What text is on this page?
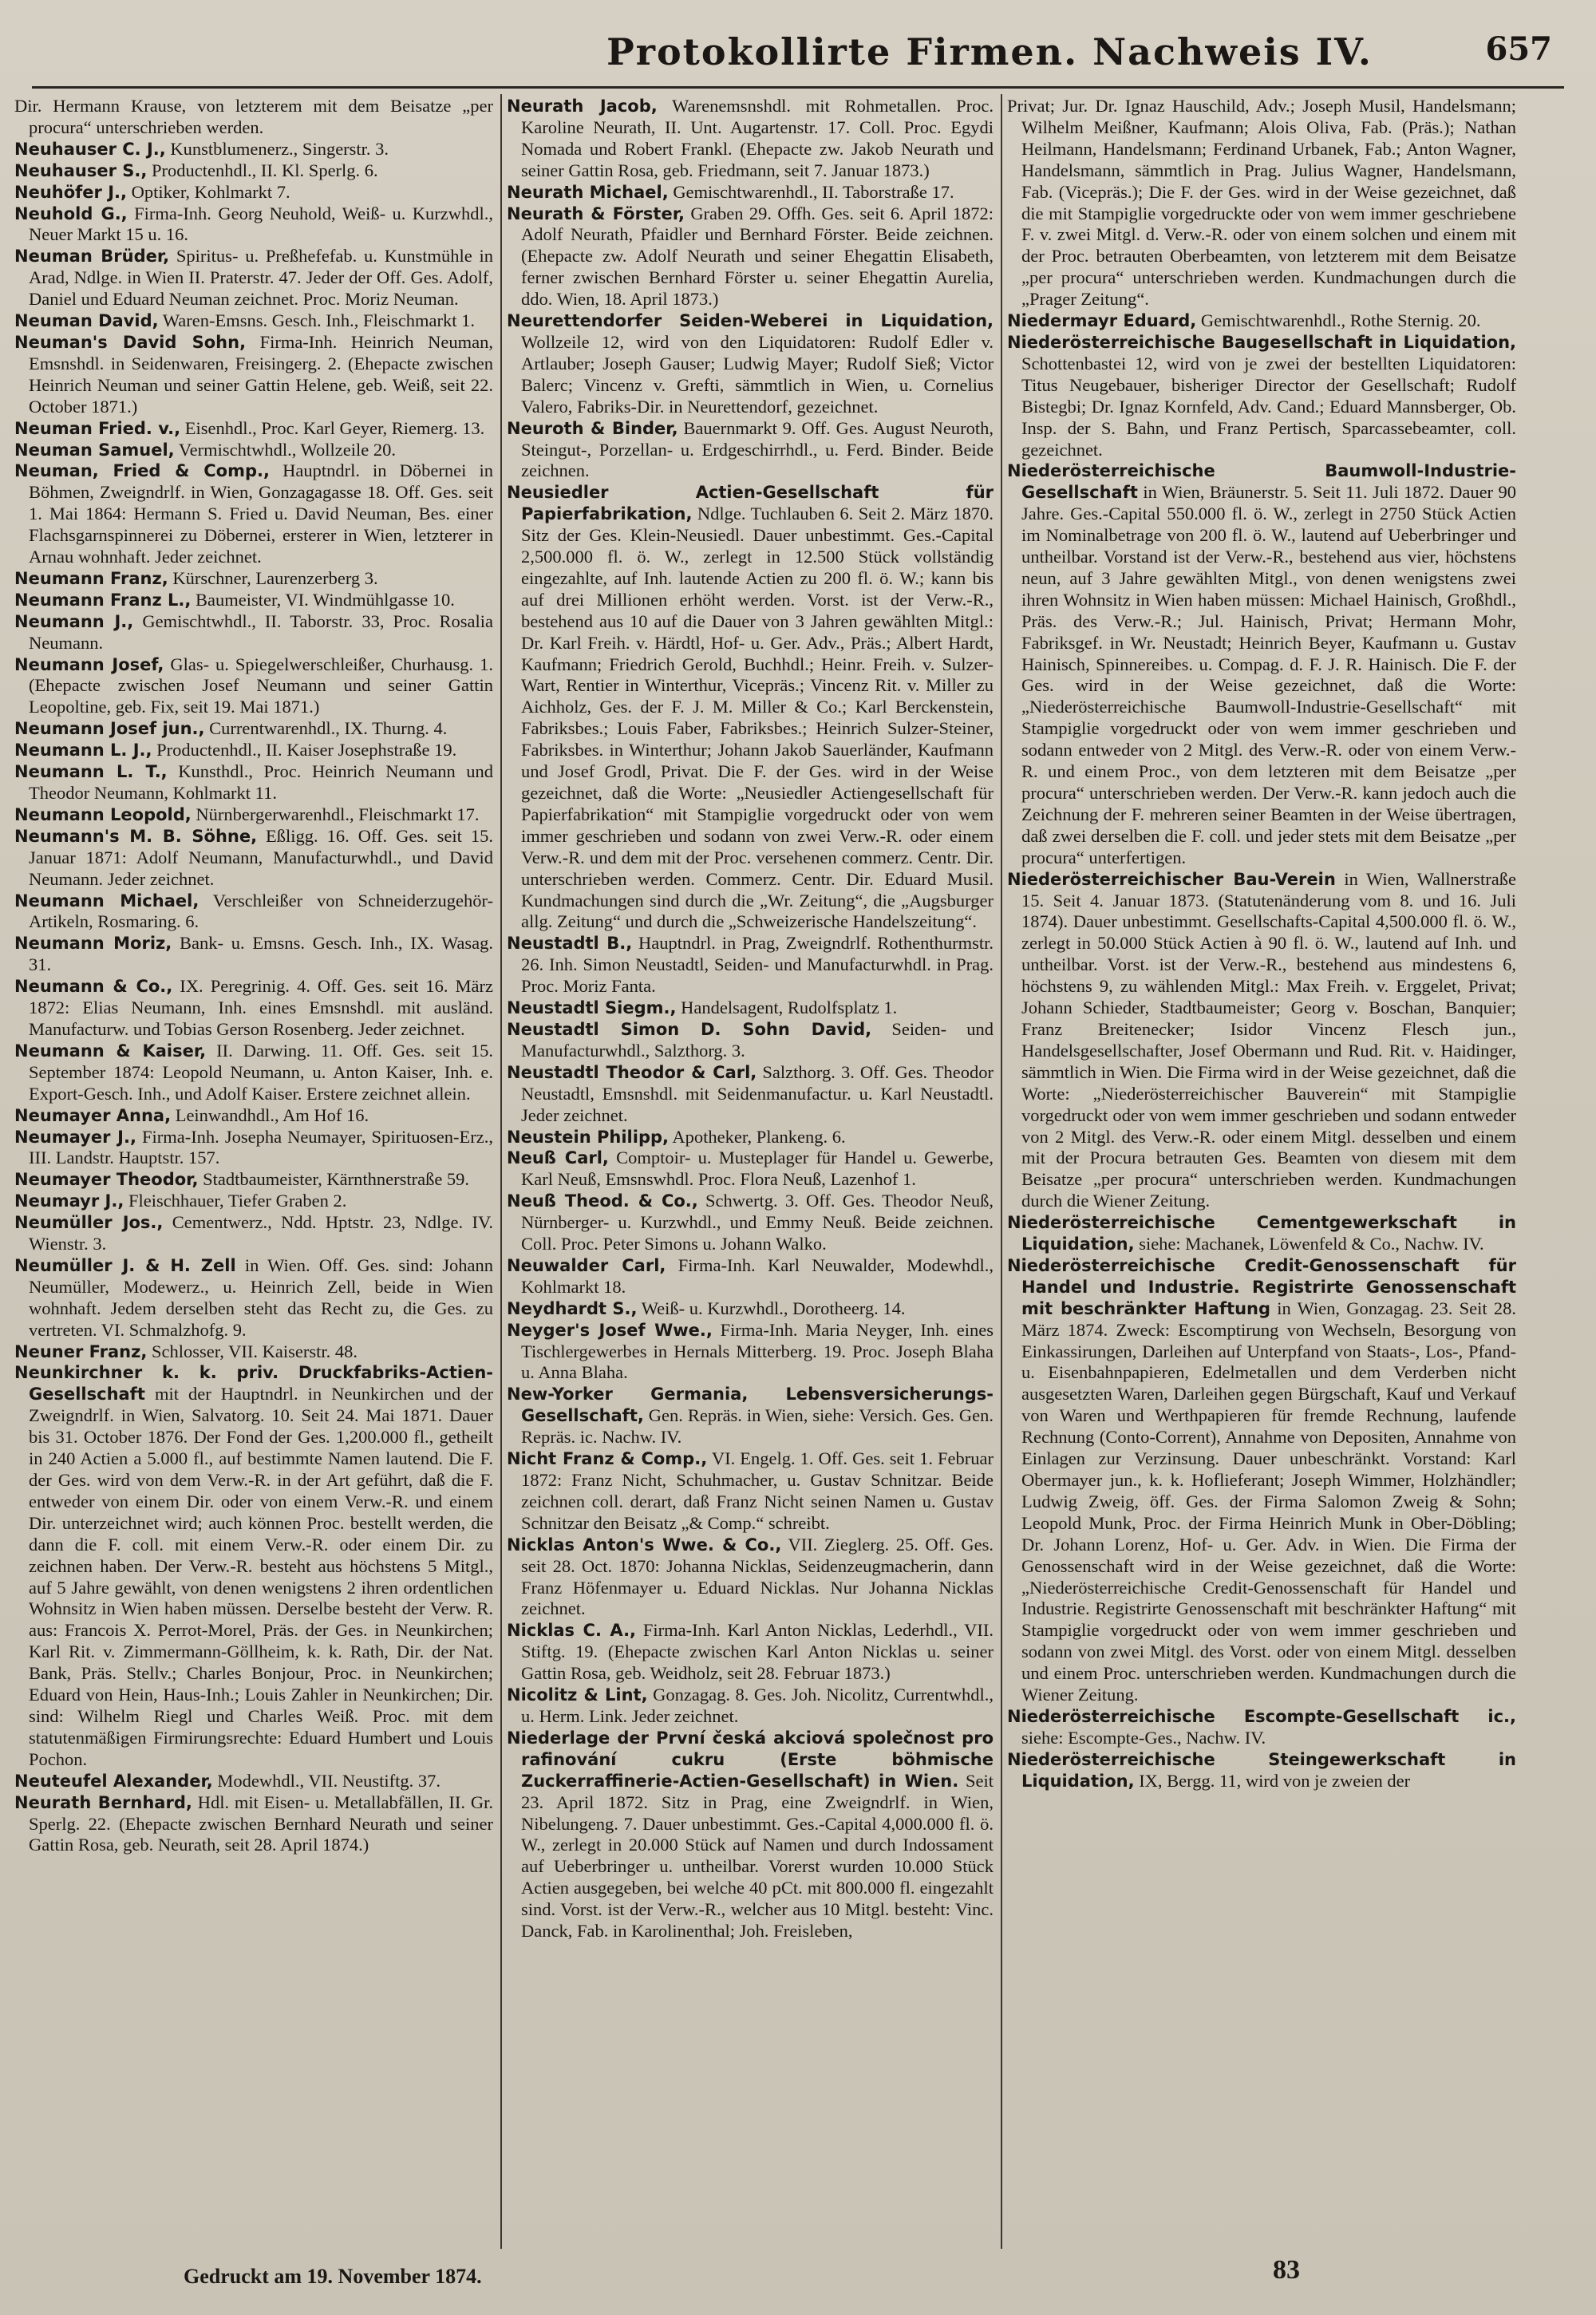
Protokollirte Firmen. Nachweis IV.	657

Dir. Hermann Krause, von letzterem mit dem Beisatze „per procura“ unterschrieben werden.

Neuhauser C. J., Kunstblumenerz., Singerstr. 3.

Neuhauser S., Productenhdl., II. Kl. Sperlg. 6.

Neuhöfer J., Optiker, Kohlmarkt 7.

Neuhold G., Firma-Inh. Georg Neuhold, Weiß- u. Kurzwhdl., Neuer Markt 15 u. 16.

Neuman Brüder, Spiritus- u. Preßhefefab. u. Kunstmühle in Arad, Ndlge. in Wien II. Praterstr. 47. Jeder der Off. Ges. Adolf, Daniel und Eduard Neuman zeichnet. Proc. Moriz Neuman.

Neuman David, Waren-Emsns. Gesch. Inh., Fleischmarkt 1.

Neuman's David Sohn, Firma-Inh. Heinrich Neuman, Emsnshdl. in Seidenwaren, Freisingerg. 2. (Ehepacte zwischen Heinrich Neuman und seiner Gattin Helene, geb. Weiß, seit 22. October 1871.)

Neuman Fried. v., Eisenhdl., Proc. Karl Geyer, Riemerg. 13.

Neuman Samuel, Vermischtwhdl., Wollzeile 20.

Neuman, Fried & Comp., Hauptndrl. in Döbernei in Böhmen, Zweigndrlf. in Wien, Gonzagagasse 18. Off. Ges. seit 1. Mai 1864: Hermann S. Fried u. David Neuman, Bes. einer Flachsgarnspinnerei zu Döbernei, ersterer in Wien, letzterer in Arnau wohnhaft. Jeder zeichnet.

Neumann Franz, Kürschner, Laurenzerberg 3.

Neumann Franz L., Baumeister, VI. Windmühlgasse 10.

Neumann J., Gemischtwhdl., II. Taborstr. 33, Proc. Rosalia Neumann.

Neumann Josef, Glas- u. Spiegelwerschleißer, Churhausg. 1. (Ehepacte zwischen Josef Neumann und seiner Gattin Leopoltine, geb. Fix, seit 19. Mai 1871.)

Neumann Josef jun., Currentwarenhdl., IX. Thurng. 4.

Neumann L. J., Productenhdl., II. Kaiser Josephstraße 19.

Neumann L. T., Kunsthdl., Proc. Heinrich Neumann und Theodor Neumann, Kohlmarkt 11.

Neumann Leopold, Nürnbergerwarenhdl., Fleischmarkt 17.

Neumann's M. B. Söhne, Eßligg. 16. Off. Ges. seit 15. Januar 1871: Adolf Neumann, Manufacturwhdl., und David Neumann. Jeder zeichnet.

Neumann Michael, Verschleißer von Schneiderzugehör-Artikeln, Rosmaring. 6.

Neumann Moriz, Bank- u. Emsns. Gesch. Inh., IX. Wasag. 31.

Neumann & Co., IX. Peregrinig. 4. Off. Ges. seit 16. März 1872: Elias Neumann, Inh. eines Emsnshdl. mit ausländ. Manufacturw. und Tobias Gerson Rosenberg. Jeder zeichnet.

Neumann & Kaiser, II. Darwing. 11. Off. Ges. seit 15. September 1874: Leopold Neumann, u. Anton Kaiser, Inh. e. Export-Gesch. Inh., und Adolf Kaiser. Erstere zeichnet allein.

Neumayer Anna, Leinwandhdl., Am Hof 16.

Neumayer J., Firma-Inh. Josepha Neumayer, Spirituosen-Erz., III. Landstr. Hauptstr. 157.

Neumayer Theodor, Stadtbaumeister, Kärnthnerstraße 59.

Neumayr J., Fleischhauer, Tiefer Graben 2.

Neumüller Jos., Cementwerz., Ndd. Hptstr. 23, Ndlge. IV. Wienstr. 3.

Neumüller J. & H. Zell in Wien. Off. Ges. sind: Johann Neumüller, Modewerz., u. Heinrich Zell, beide in Wien wohnhaft. Jedem derselben steht das Recht zu, die Ges. zu vertreten. VI. Schmalzhofg. 9.

Neuner Franz, Schlosser, VII. Kaiserstr. 48.

Neunkirchner k. k. priv. Druckfabriks-Actien-Gesellschaft mit der Hauptndrl. in Neunkirchen und der Zweigndrlf. in Wien, Salvatorg. 10. Seit 24. Mai 1871. Dauer bis 31. October 1876. Der Fond der Ges. 1,200.000 fl., getheilt in 240 Actien a 5.000 fl., auf bestimmte Namen lautend. Die F. der Ges. wird von dem Verw.-R. in der Art geführt, daß die F. entweder von einem Dir. oder von einem Verw.-R. und einem Dir. unterzeichnet wird; auch können Proc. bestellt werden, die dann die F. coll. mit einem Verw.-R. oder einem Dir. zu zeichnen haben. Der Verw.-R. besteht aus höchstens 5 Mitgl., auf 5 Jahre gewählt, von denen wenigstens 2 ihren ordentlichen Wohnsitz in Wien haben müssen. Derselbe besteht der Verw. R. aus: Francois X. Perrot-Morel, Präs. der Ges. in Neunkirchen; Karl Rit. v. Zimmermann-Göllheim, k. k. Rath, Dir. der Nat. Bank, Präs. Stellv.; Charles Bonjour, Proc. in Neunkirchen; Eduard von Hein, Haus-Inh.; Louis Zahler in Neunkirchen; Dir. sind: Wilhelm Riegl und Charles Weiß. Proc. mit dem statutenmäßigen Firmirungsrechte: Eduard Humbert und Louis Pochon.

Neuteufel Alexander, Modewhdl., VII. Neustiftg. 37.

Neurath Bernhard, Hdl. mit Eisen- u. Metallabfällen, II. Gr. Sperlg. 22. (Ehepacte zwischen Bernhard Neurath und seiner Gattin Rosa, geb. Neurath, seit 28. April 1874.)

Neurath Jacob, Warenemsnshdl. mit Rohmetallen. Proc. Karoline Neurath, II. Unt. Augartenstr. 17. Coll. Proc. Egydi Nomada und Robert Frankl. (Ehepacte zw. Jakob Neurath und seiner Gattin Rosa, geb. Friedmann, seit 7. Januar 1873.)

Neurath Michael, Gemischtwarenhdl., II. Taborstraße 17.

Neurath & Förster, Graben 29. Offh. Ges. seit 6. April 1872: Adolf Neurath, Pfaidler und Bernhard Förster. Beide zeichnen. (Ehepacte zw. Adolf Neurath und seiner Ehegattin Elisabeth, ferner zwischen Bernhard Förster u. seiner Ehegattin Aurelia, ddo. Wien, 18. April 1873.)

Neurettendorfer Seiden-Weberei in Liquidation, Wollzeile 12, wird von den Liquidatoren: Rudolf Edler v. Artlauber; Joseph Gauser; Ludwig Mayer; Rudolf Sieß; Victor Balerc; Vincenz v. Grefti, sämmtlich in Wien, u. Cornelius Valero, Fabriks-Dir. in Neurettendorf, gezeichnet.

Neuroth & Binder, Bauernmarkt 9. Off. Ges. August Neuroth, Steingut-, Porzellan- u. Erdgeschirrhdl., u. Ferd. Binder. Beide zeichnen.

Neusiedler Actien-Gesellschaft für Papierfabrikation, Ndlge. Tuchlauben 6. Seit 2. März 1870. Sitz der Ges. Klein-Neusiedl. Dauer unbestimmt. Ges.-Capital 2,500.000 fl. ö. W., zerlegt in 12.500 Stück vollständig eingezahlte, auf Inh. lautende Actien zu 200 fl. ö. W.; kann bis auf drei Millionen erhöht werden. Vorst. ist der Verw.-R., bestehend aus 10 auf die Dauer von 3 Jahren gewählten Mitgl.: Dr. Karl Freih. v. Härdtl, Hof- u. Ger. Adv., Präs.; Albert Hardt, Kaufmann; Friedrich Gerold, Buchhdl.; Heinr. Freih. v. Sulzer-Wart, Rentier in Winterthur, Vicepräs.; Vincenz Rit. v. Miller zu Aichholz, Ges. der F. J. M. Miller & Co.; Karl Berckenstein, Fabriksbes.; Louis Faber, Fabriksbes.; Heinrich Sulzer-Steiner, Fabriksbes. in Winterthur; Johann Jakob Sauerländer, Kaufmann und Josef Grodl, Privat. Die F. der Ges. wird in der Weise gezeichnet, daß die Worte: „Neusiedler Actiengesellschaft für Papierfabrikation“ mit Stampiglie vorgedruckt oder von wem immer geschrieben und sodann von zwei Verw.-R. oder einem Verw.-R. und dem mit der Proc. versehenen commerz. Centr. Dir. unterschrieben werden. Commerz. Centr. Dir. Eduard Musil. Kundmachungen sind durch die „Wr. Zeitung“, die „Augsburger allg. Zeitung“ und durch die „Schweizerische Handelszeitung“.

Neustadtl B., Hauptndrl. in Prag, Zweigndrlf. Rothenthurmstr. 26. Inh. Simon Neustadtl, Seiden- und Manufacturwhdl. in Prag. Proc. Moriz Fanta.

Neustadtl Siegm., Handelsagent, Rudolfsplatz 1.

Neustadtl Simon D. Sohn David, Seiden- und Manufacturwhdl., Salzthorg. 3.

Neustadtl Theodor & Carl, Salzthorg. 3. Off. Ges. Theodor Neustadtl, Emsnshdl. mit Seidenmanufactur. u. Karl Neustadtl. Jeder zeichnet.

Neustein Philipp, Apotheker, Plankeng. 6.

Neuß Carl, Comptoir- u. Mustерlager für Handel u. Gewerbe, Karl Neuß, Emsnswhdl. Proc. Flora Neuß, Lazenhof 1.

Neuß Theod. & Co., Schwertg. 3. Off. Ges. Theodor Neuß, Nürnberger- u. Kurzwhdl., und Emmy Neuß. Beide zeichnen. Coll. Proc. Peter Simons u. Johann Walko.

Neuwalder Carl, Firma-Inh. Karl Neuwalder, Modewhdl., Kohlmarkt 18.

Neydhardt S., Weiß- u. Kurzwhdl., Dorotheerg. 14.

Neyger's Josef Wwe., Firma-Inh. Maria Neyger, Inh. eines Tischlergewerbes in Hernals Mitterberg. 19. Proc. Joseph Blaha u. Anna Blaha.

New-Yorker Germania, Lebensversicherungs-Gesellschaft, Gen. Repräs. in Wien, siehe: Versich. Ges. Gen. Repräs. ic. Nachw. IV.

Nicht Franz & Comp., VI. Engelg. 1. Off. Ges. seit 1. Februar 1872: Franz Nicht, Schuhmacher, u. Gustav Schnitzar. Beide zeichnen coll. derart, daß Franz Nicht seinen Namen u. Gustav Schnitzar den Beisatz „& Comp.“ schreibt.

Nicklas Anton's Wwe. & Co., VII. Zieglerg. 25. Off. Ges. seit 28. Oct. 1870: Johanna Nicklas, Seidenzeugmacherin, dann Franz Höfenmayer u. Eduard Nicklas. Nur Johanna Nicklas zeichnet.

Nicklas C. A., Firma-Inh. Karl Anton Nicklas, Lederhdl., VII. Stiftg. 19. (Ehepacte zwischen Karl Anton Nicklas u. seiner Gattin Rosa, geb. Weidholz, seit 28. Februar 1873.)

Nicolitz & Lint, Gonzagag. 8. Ges. Joh. Nicolitz, Currentwhdl., u. Herm. Link. Jeder zeichnet.

Niederlage der První česká akciová společnost pro rafinování cukru (Erste böhmische Zuckerraffinerie-Actien-Gesellschaft) in Wien. Seit 23. April 1872. Sitz in Prag, eine Zweigndrlf. in Wien, Nibelungeng. 7. Dauer unbestimmt. Ges.-Capital 4,000.000 fl. ö. W., zerlegt in 20.000 Stück auf Namen und durch Indossament auf Ueberbringer u. untheilbar. Vorerst wurden 10.000 Stück Actien ausgegeben, bei welche 40 pCt. mit 800.000 fl. eingezahlt sind. Vorst. ist der Verw.-R., welcher aus 10 Mitgl. besteht: Vinc. Danck, Fab. in Karolinenthal; Joh. Freisleben,

Privat; Jur. Dr. Ignaz Hauschild, Adv.; Joseph Musil, Handelsmann; Wilhelm Meißner, Kaufmann; Alois Oliva, Fab. (Präs.); Nathan Heilmann, Handelsmann; Ferdinand Urbanek, Fab.; Anton Wagner, Handelsmann, sämmtlich in Prag. Julius Wagner, Handelsmann, Fab. (Vicepräs.); Die F. der Ges. wird in der Weise gezeichnet, daß die mit Stampiglie vorgedruckte oder von wem immer geschriebene F. v. zwei Mitgl. d. Verw.-R. oder von einem solchen und einem mit der Proc. betrauten Oberbeamten, von letzterem mit dem Beisatze „per procura“ unterschrieben werden. Kundmachungen durch die „Prager Zeitung“.

Niedermayr Eduard, Gemischtwarenhdl., Rothe Sternig. 20.

Niederösterreichische Baugesellschaft in Liquidation, Schottenbastei 12, wird von je zwei der bestellten Liquidatoren: Titus Neugebauer, bisheriger Director der Gesellschaft; Rudolf Bistegbi; Dr. Ignaz Kornfeld, Adv. Cand.; Eduard Mannsberger, Ob. Insp. der S. Bahn, und Franz Pertisch, Sparcassebeamter, coll. gezeichnet.

Niederösterreichische Baumwoll-Industrie-Gesellschaft in Wien, Bräunerstr. 5. Seit 11. Juli 1872. Dauer 90 Jahre. Ges.-Capital 550.000 fl. ö. W., zerlegt in 2750 Stück Actien im Nominalbetrage von 200 fl. ö. W., lautend auf Ueberbringer und untheilbar. Vorstand ist der Verw.-R., bestehend aus vier, höchstens neun, auf 3 Jahre gewählten Mitgl., von denen wenigstens zwei ihren Wohnsitz in Wien haben müssen: Michael Hainisch, Großhdl., Präs. des Verw.-R.; Jul. Hainisch, Privat; Hermann Mohr, Fabriksgef. in Wr. Neustadt; Heinrich Beyer, Kaufmann u. Gustav Hainisch, Spinnereibes. u. Compag. d. F. J. R. Hainisch. Die F. der Ges. wird in der Weise gezeichnet, daß die Worte: „Niederösterreichische Baumwoll-Industrie-Gesellschaft“ mit Stampiglie vorgedruckt oder von wem immer geschrieben und sodann entweder von 2 Mitgl. des Verw.-R. oder von einem Verw.-R. und einem Proc., von dem letzteren mit dem Beisatze „per procura“ unterschrieben werden. Der Verw.-R. kann jedoch auch die Zeichnung der F. mehreren seiner Beamten in der Weise übertragen, daß zwei derselben die F. coll. und jeder stets mit dem Beisatze „per procura“ unterfertigen.

Niederösterreichischer Bau-Verein in Wien, Wallnerstraße 15. Seit 4. Januar 1873. (Statutenänderung vom 8. und 16. Juli 1874). Dauer unbestimmt. Gesellschafts-Capital 4,500.000 fl. ö. W., zerlegt in 50.000 Stück Actien à 90 fl. ö. W., lautend auf Inh. und untheilbar. Vorst. ist der Verw.-R., bestehend aus mindestens 6, höchstens 9, zu wählenden Mitgl.: Max Freih. v. Erggelet, Privat; Johann Schieder, Stadtbaumeister; Georg v. Boschan, Banquier; Franz Breitenecker; Isidor Vincenz Flesch jun., Handelsgesellschafter, Josef Obermann und Rud. Rit. v. Haidinger, sämmtlich in Wien. Die Firma wird in der Weise gezeichnet, daß die Worte: „Niederösterreichischer Bauverein“ mit Stampiglie vorgedruckt oder von wem immer geschrieben und sodann entweder von 2 Mitgl. des Verw.-R. oder einem Mitgl. desselben und einem mit der Procura betrauten Ges. Beamten von diesem mit dem Beisatze „per procura“ unterschrieben werden. Kundmachungen durch die Wiener Zeitung.

Niederösterreichische Cementgewerkschaft in Liquidation, siehe: Machanek, Löwenfeld & Co., Nachw. IV.

Niederösterreichische Credit-Genossenschaft für Handel und Industrie. Registrirte Genossenschaft mit beschränkter Haftung in Wien, Gonzagag. 23. Seit 28. März 1874. Zweck: Escomptirung von Wechseln, Besorgung von Einkassirungen, Darleihen auf Unterpfand von Staats-, Los-, Pfand- u. Eisenbahnpapieren, Edelmetallen und dem Verderben nicht ausgesetzten Waren, Darleihen gegen Bürgschaft, Kauf und Verkauf von Waren und Werthpapieren für fremde Rechnung, laufende Rechnung (Conto-Corrent), Annahme von Depositen, Annahme von Einlagen zur Verzinsung. Dauer unbeschränkt. Vorstand: Karl Obermayer jun., k. k. Hoflieferant; Joseph Wimmer, Holzhändler; Ludwig Zweig, öff. Ges. der Firma Salomon Zweig & Sohn; Leopold Munk, Proc. der Firma Heinrich Munk in Ober-Döbling; Dr. Johann Lorenz, Hof- u. Ger. Adv. in Wien. Die Firma der Genossenschaft wird in der Weise gezeichnet, daß die Worte: „Niederösterreichische Credit-Genossenschaft für Handel und Industrie. Registrirte Genossenschaft mit beschränkter Haftung“ mit Stampiglie vorgedruckt oder von wem immer geschrieben und sodann von zwei Mitgl. des Vorst. oder von einem Mitgl. desselben und einem Proc. unterschrieben werden. Kundmachungen durch die Wiener Zeitung.

Niederösterreichische Escompte-Gesellschaft ic., siehe: Escompte-Ges., Nachw. IV.

Niederösterreichische Steingewerkschaft in Liquidation, IX, Bergg. 11, wird von je zweien der

Gedruckt am 19. November 1874.	83
